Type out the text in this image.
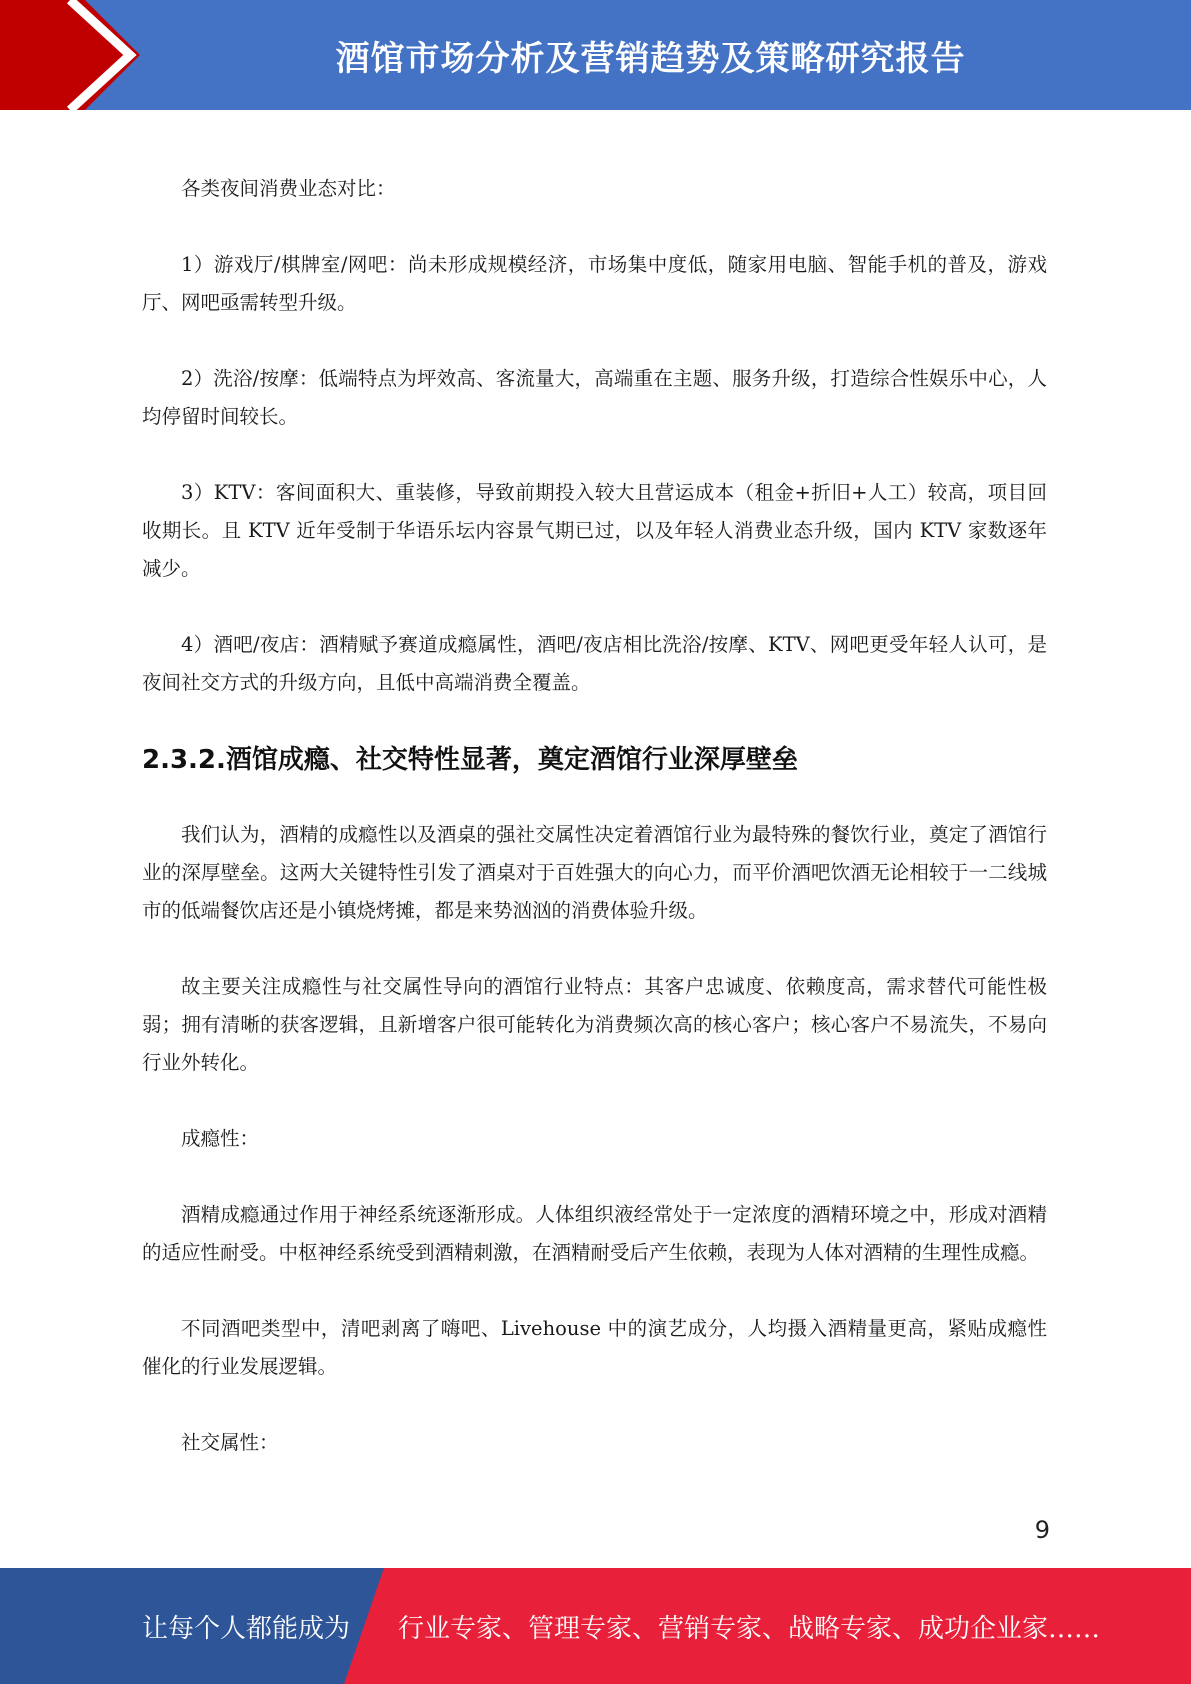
酒馆市场分析及营销趋势及策略研究报告

各类夜间消费业态对比：

1）游戏厅/棋牌室/网吧：尚未形成规模经济，市场集中度低，随家用电脑、智能手机的普及，游戏厅、网吧亟需转型升级。

2）洗浴/按摩：低端特点为坪效高、客流量大，高端重在主题、服务升级，打造综合性娱乐中心，人均停留时间较长。

3）KTV：客间面积大、重装修，导致前期投入较大且营运成本（租金+折旧+人工）较高，项目回收期长。且 KTV 近年受制于华语乐坛内容景气期已过，以及年轻人消费业态升级，国内 KTV 家数逐年减少。

4）酒吧/夜店：酒精赋予赛道成瘾属性，酒吧/夜店相比洗浴/按摩、KTV、网吧更受年轻人认可，是夜间社交方式的升级方向，且低中高端消费全覆盖。

2.3.2.酒馆成瘾、社交特性显著，奠定酒馆行业深厚壁垒

我们认为，酒精的成瘾性以及酒桌的强社交属性决定着酒馆行业为最特殊的餐饮行业，奠定了酒馆行业的深厚壁垒。这两大关键特性引发了酒桌对于百姓强大的向心力，而平价酒吧饮酒无论相较于一二线城市的低端餐饮店还是小镇烧烤摊，都是来势汹汹的消费体验升级。

故主要关注成瘾性与社交属性导向的酒馆行业特点：其客户忠诚度、依赖度高，需求替代可能性极弱；拥有清晰的获客逻辑，且新增客户很可能转化为消费频次高的核心客户；核心客户不易流失，不易向行业外转化。

成瘾性：

酒精成瘾通过作用于神经系统逐渐形成。人体组织液经常处于一定浓度的酒精环境之中，形成对酒精的适应性耐受。中枢神经系统受到酒精刺激，在酒精耐受后产生依赖，表现为人体对酒精的生理性成瘾。

不同酒吧类型中，清吧剥离了嗨吧、Livehouse 中的演艺成分，人均摄入酒精量更高，紧贴成瘾性催化的行业发展逻辑。

社交属性：

9
让每个人都能成为 行业专家、管理专家、营销专家、战略专家、成功企业家……
